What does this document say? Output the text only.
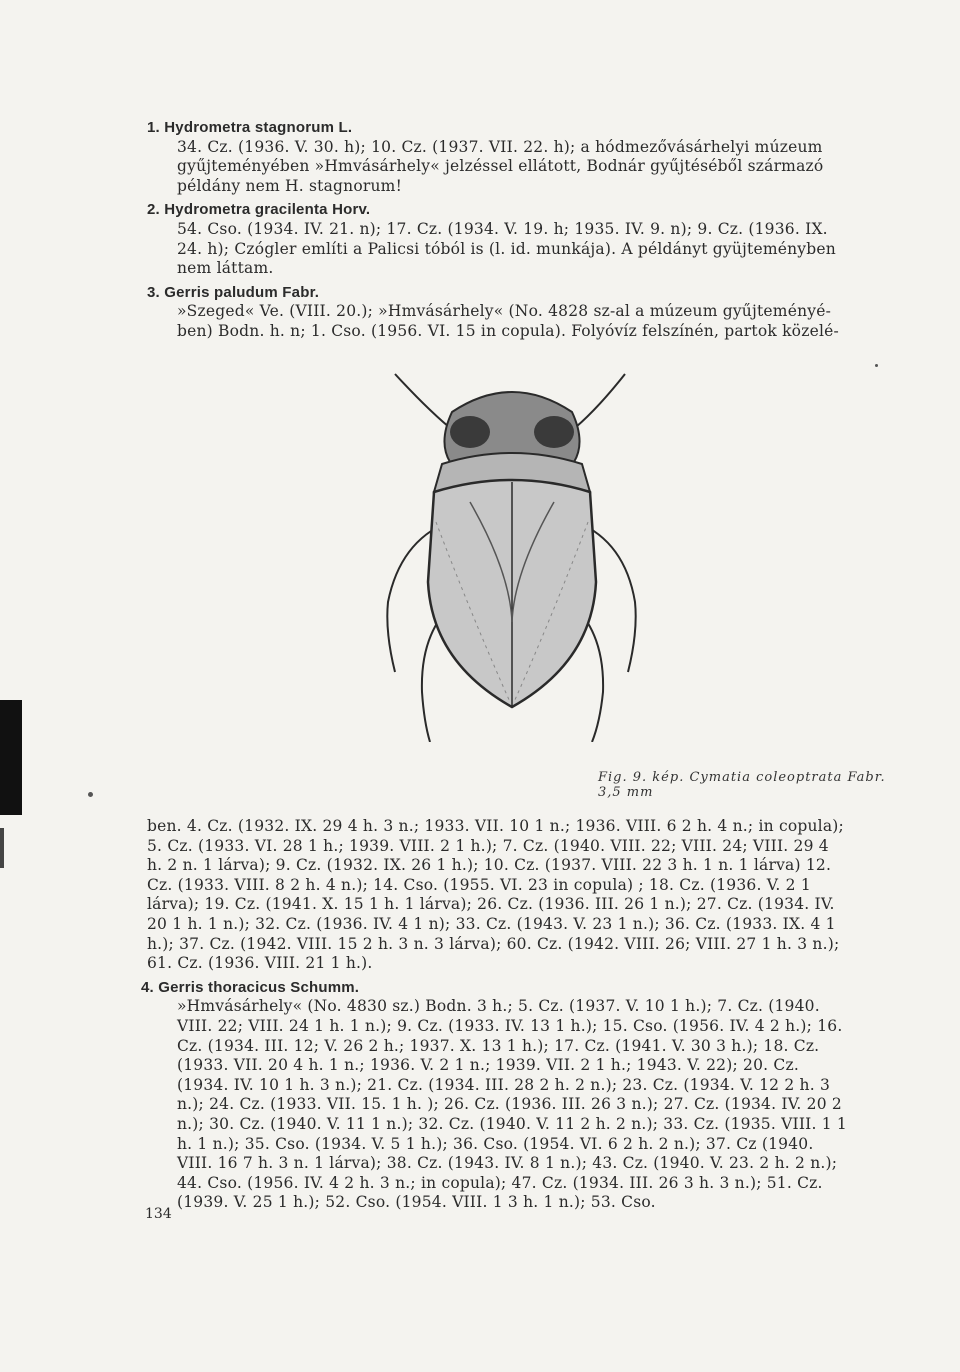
1. Hydrometra stagnorum L.

34. Cz. (1936. V. 30. h); 10. Cz. (1937. VII. 22. h); a hódmezővásárhelyi múzeum gyűjteményében »Hmvásárhely« jelzéssel ellátott, Bodnár gyűjtéséből származó példány nem H. stagnorum!

2. Hydrometra gracilenta Horv.

54. Cso. (1934. IV. 21. n); 17. Cz. (1934. V. 19. h; 1935. IV. 9. n); 9. Cz. (1936. IX. 24. h); Czógler említi a Palicsi tóból is (l. id. munkája). A példányt gyüjteményben nem láttam.

3. Gerris paludum Fabr.

»Szeged« Ve. (VIII. 20.); »Hmvásárhely« (No. 4828 sz-al a múzeum gyűjteményé-ben) Bodn. h. n; 1. Cso. (1956. VI. 15 in copula). Folyóvíz felszínén, partok közelé-

Fig. 9. kép. Cymatia coleoptrata Fabr. 3,5 mm

ben. 4. Cz. (1932. IX. 29 4 h. 3 n.; 1933. VII. 10 1 n.; 1936. VIII. 6 2 h. 4 n.; in copula); 5. Cz. (1933. VI. 28 1 h.; 1939. VIII. 2 1 h.); 7. Cz. (1940. VIII. 22; VIII. 24; VIII. 29 4 h. 2 n. 1 lárva); 9. Cz. (1932. IX. 26 1 h.); 10. Cz. (1937. VIII. 22 3 h. 1 n. 1 lárva) 12. Cz. (1933. VIII. 8 2 h. 4 n.); 14. Cso. (1955. VI. 23 in copula) ; 18. Cz. (1936. V. 2 1 lárva); 19. Cz. (1941. X. 15 1 h. 1 lárva); 26. Cz. (1936. III. 26 1 n.); 27. Cz. (1934. IV. 20 1 h. 1 n.); 32. Cz. (1936. IV. 4 1 n); 33. Cz. (1943. V. 23 1 n.); 36. Cz. (1933. IX. 4 1 h.); 37. Cz. (1942. VIII. 15 2 h. 3 n. 3 lárva); 60. Cz. (1942. VIII. 26; VIII. 27 1 h. 3 n.); 61. Cz. (1936. VIII. 21 1 h.).

4. Gerris thoracicus Schumm.

»Hmvásárhely« (No. 4830 sz.) Bodn. 3 h.; 5. Cz. (1937. V. 10 1 h.); 7. Cz. (1940. VIII. 22; VIII. 24 1 h. 1 n.); 9. Cz. (1933. IV. 13 1 h.); 15. Cso. (1956. IV. 4 2 h.); 16. Cz. (1934. III. 12; V. 26 2 h.; 1937. X. 13 1 h.); 17. Cz. (1941. V. 30 3 h.); 18. Cz. (1933. VII. 20 4 h. 1 n.; 1936. V. 2 1 n.; 1939. VII. 2 1 h.; 1943. V. 22); 20. Cz. (1934. IV. 10 1 h. 3 n.); 21. Cz. (1934. III. 28 2 h. 2 n.); 23. Cz. (1934. V. 12 2 h. 3 n.); 24. Cz. (1933. VII. 15. 1 h. ); 26. Cz. (1936. III. 26 3 n.); 27. Cz. (1934. IV. 20 2 n.); 30. Cz. (1940. V. 11 1 n.); 32. Cz. (1940. V. 11 2 h. 2 n.); 33. Cz. (1935. VIII. 1 1 h. 1 n.); 35. Cso. (1934. V. 5 1 h.); 36. Cso. (1954. VI. 6 2 h. 2 n.); 37. Cz (1940. VIII. 16 7 h. 3 n. 1 lárva); 38. Cz. (1943. IV. 8 1 n.); 43. Cz. (1940. V. 23. 2 h. 2 n.); 44. Cso. (1956. IV. 4 2 h. 3 n.; in copula); 47. Cz. (1934. III. 26 3 h. 3 n.); 51. Cz. (1939. V. 25 1 h.); 52. Cso. (1954. VIII. 1 3 h. 1 n.); 53. Cso.

134
